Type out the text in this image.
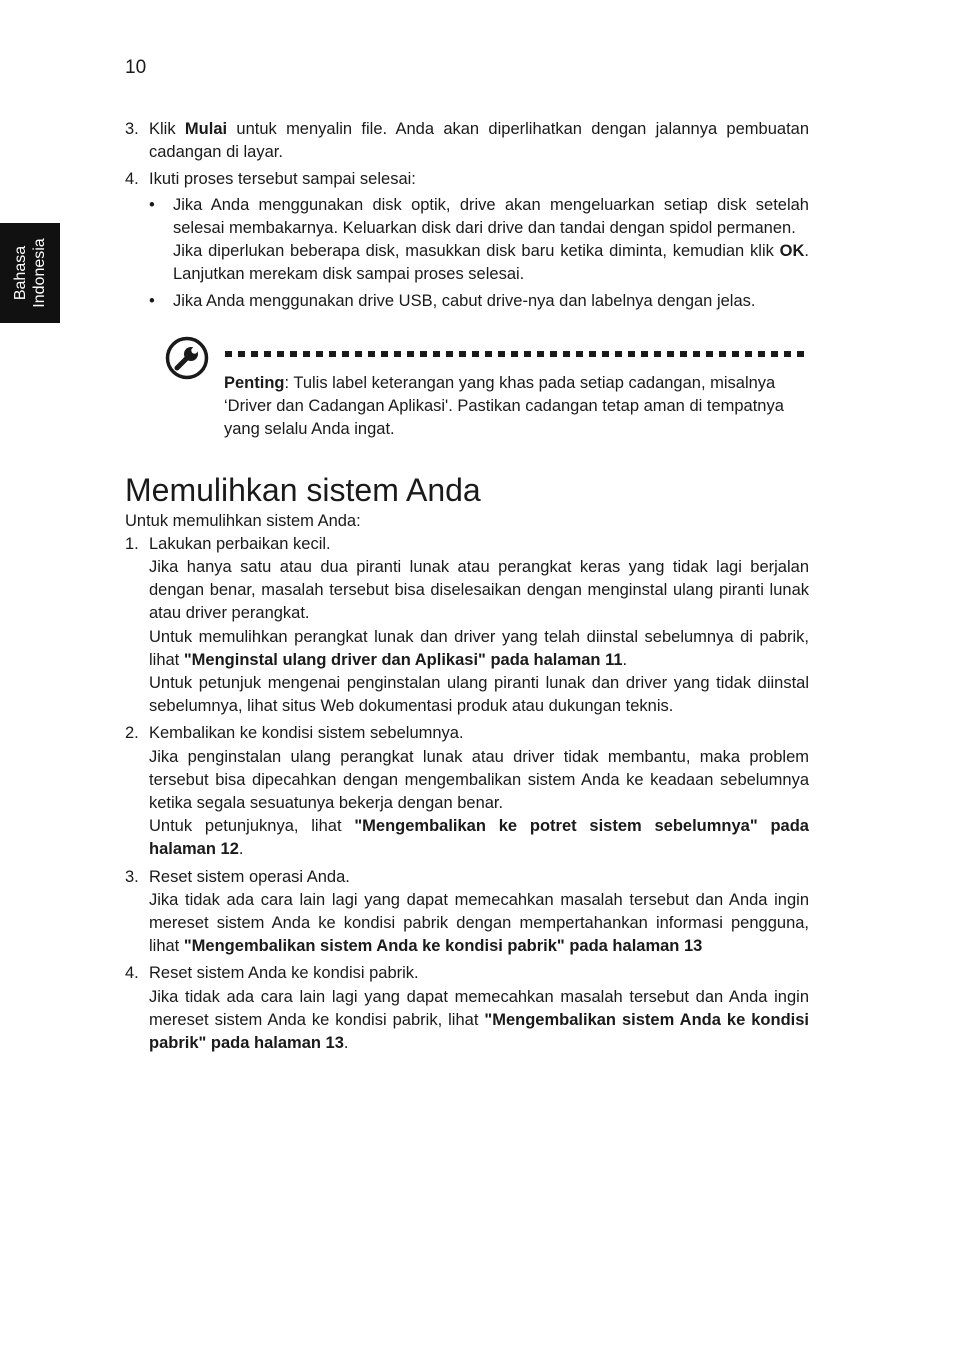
10
Bahasa Indonesia
3. Klik Mulai untuk menyalin file. Anda akan diperlihatkan dengan jalannya pembuatan cadangan di layar.

4. Ikuti proses tersebut sampai selesai:

• Jika Anda menggunakan disk optik, drive akan mengeluarkan setiap disk setelah selesai membakarnya. Keluarkan disk dari drive dan tandai dengan spidol permanen.

Jika diperlukan beberapa disk, masukkan disk baru ketika diminta, kemudian klik OK. Lanjutkan merekam disk sampai proses selesai.

• Jika Anda menggunakan drive USB, cabut drive-nya dan labelnya dengan jelas.

Penting: Tulis label keterangan yang khas pada setiap cadangan, misalnya ‘Driver dan Cadangan Aplikasi'. Pastikan cadangan tetap aman di tempatnya yang selalu Anda ingat.

Memulihkan sistem Anda

Untuk memulihkan sistem Anda:

1. Lakukan perbaikan kecil.

Jika hanya satu atau dua piranti lunak atau perangkat keras yang tidak lagi berjalan dengan benar, masalah tersebut bisa diselesaikan dengan menginstal ulang piranti lunak atau driver perangkat.

Untuk memulihkan perangkat lunak dan driver yang telah diinstal sebelumnya di pabrik, lihat "Menginstal ulang driver dan Aplikasi" pada halaman 11.

Untuk petunjuk mengenai penginstalan ulang piranti lunak dan driver yang tidak diinstal sebelumnya, lihat situs Web dokumentasi produk atau dukungan teknis.

2. Kembalikan ke kondisi sistem sebelumnya.

Jika penginstalan ulang perangkat lunak atau driver tidak membantu, maka problem tersebut bisa dipecahkan dengan mengembalikan sistem Anda ke keadaan sebelumnya ketika segala sesuatunya bekerja dengan benar.

Untuk petunjuknya, lihat "Mengembalikan ke potret sistem sebelumnya" pada halaman 12.

3. Reset sistem operasi Anda.

Jika tidak ada cara lain lagi yang dapat memecahkan masalah tersebut dan Anda ingin mereset sistem Anda ke kondisi pabrik dengan mempertahankan informasi pengguna, lihat "Mengembalikan sistem Anda ke kondisi pabrik" pada halaman 13

4. Reset sistem Anda ke kondisi pabrik.

Jika tidak ada cara lain lagi yang dapat memecahkan masalah tersebut dan Anda ingin mereset sistem Anda ke kondisi pabrik, lihat "Mengembalikan sistem Anda ke kondisi pabrik" pada halaman 13.
